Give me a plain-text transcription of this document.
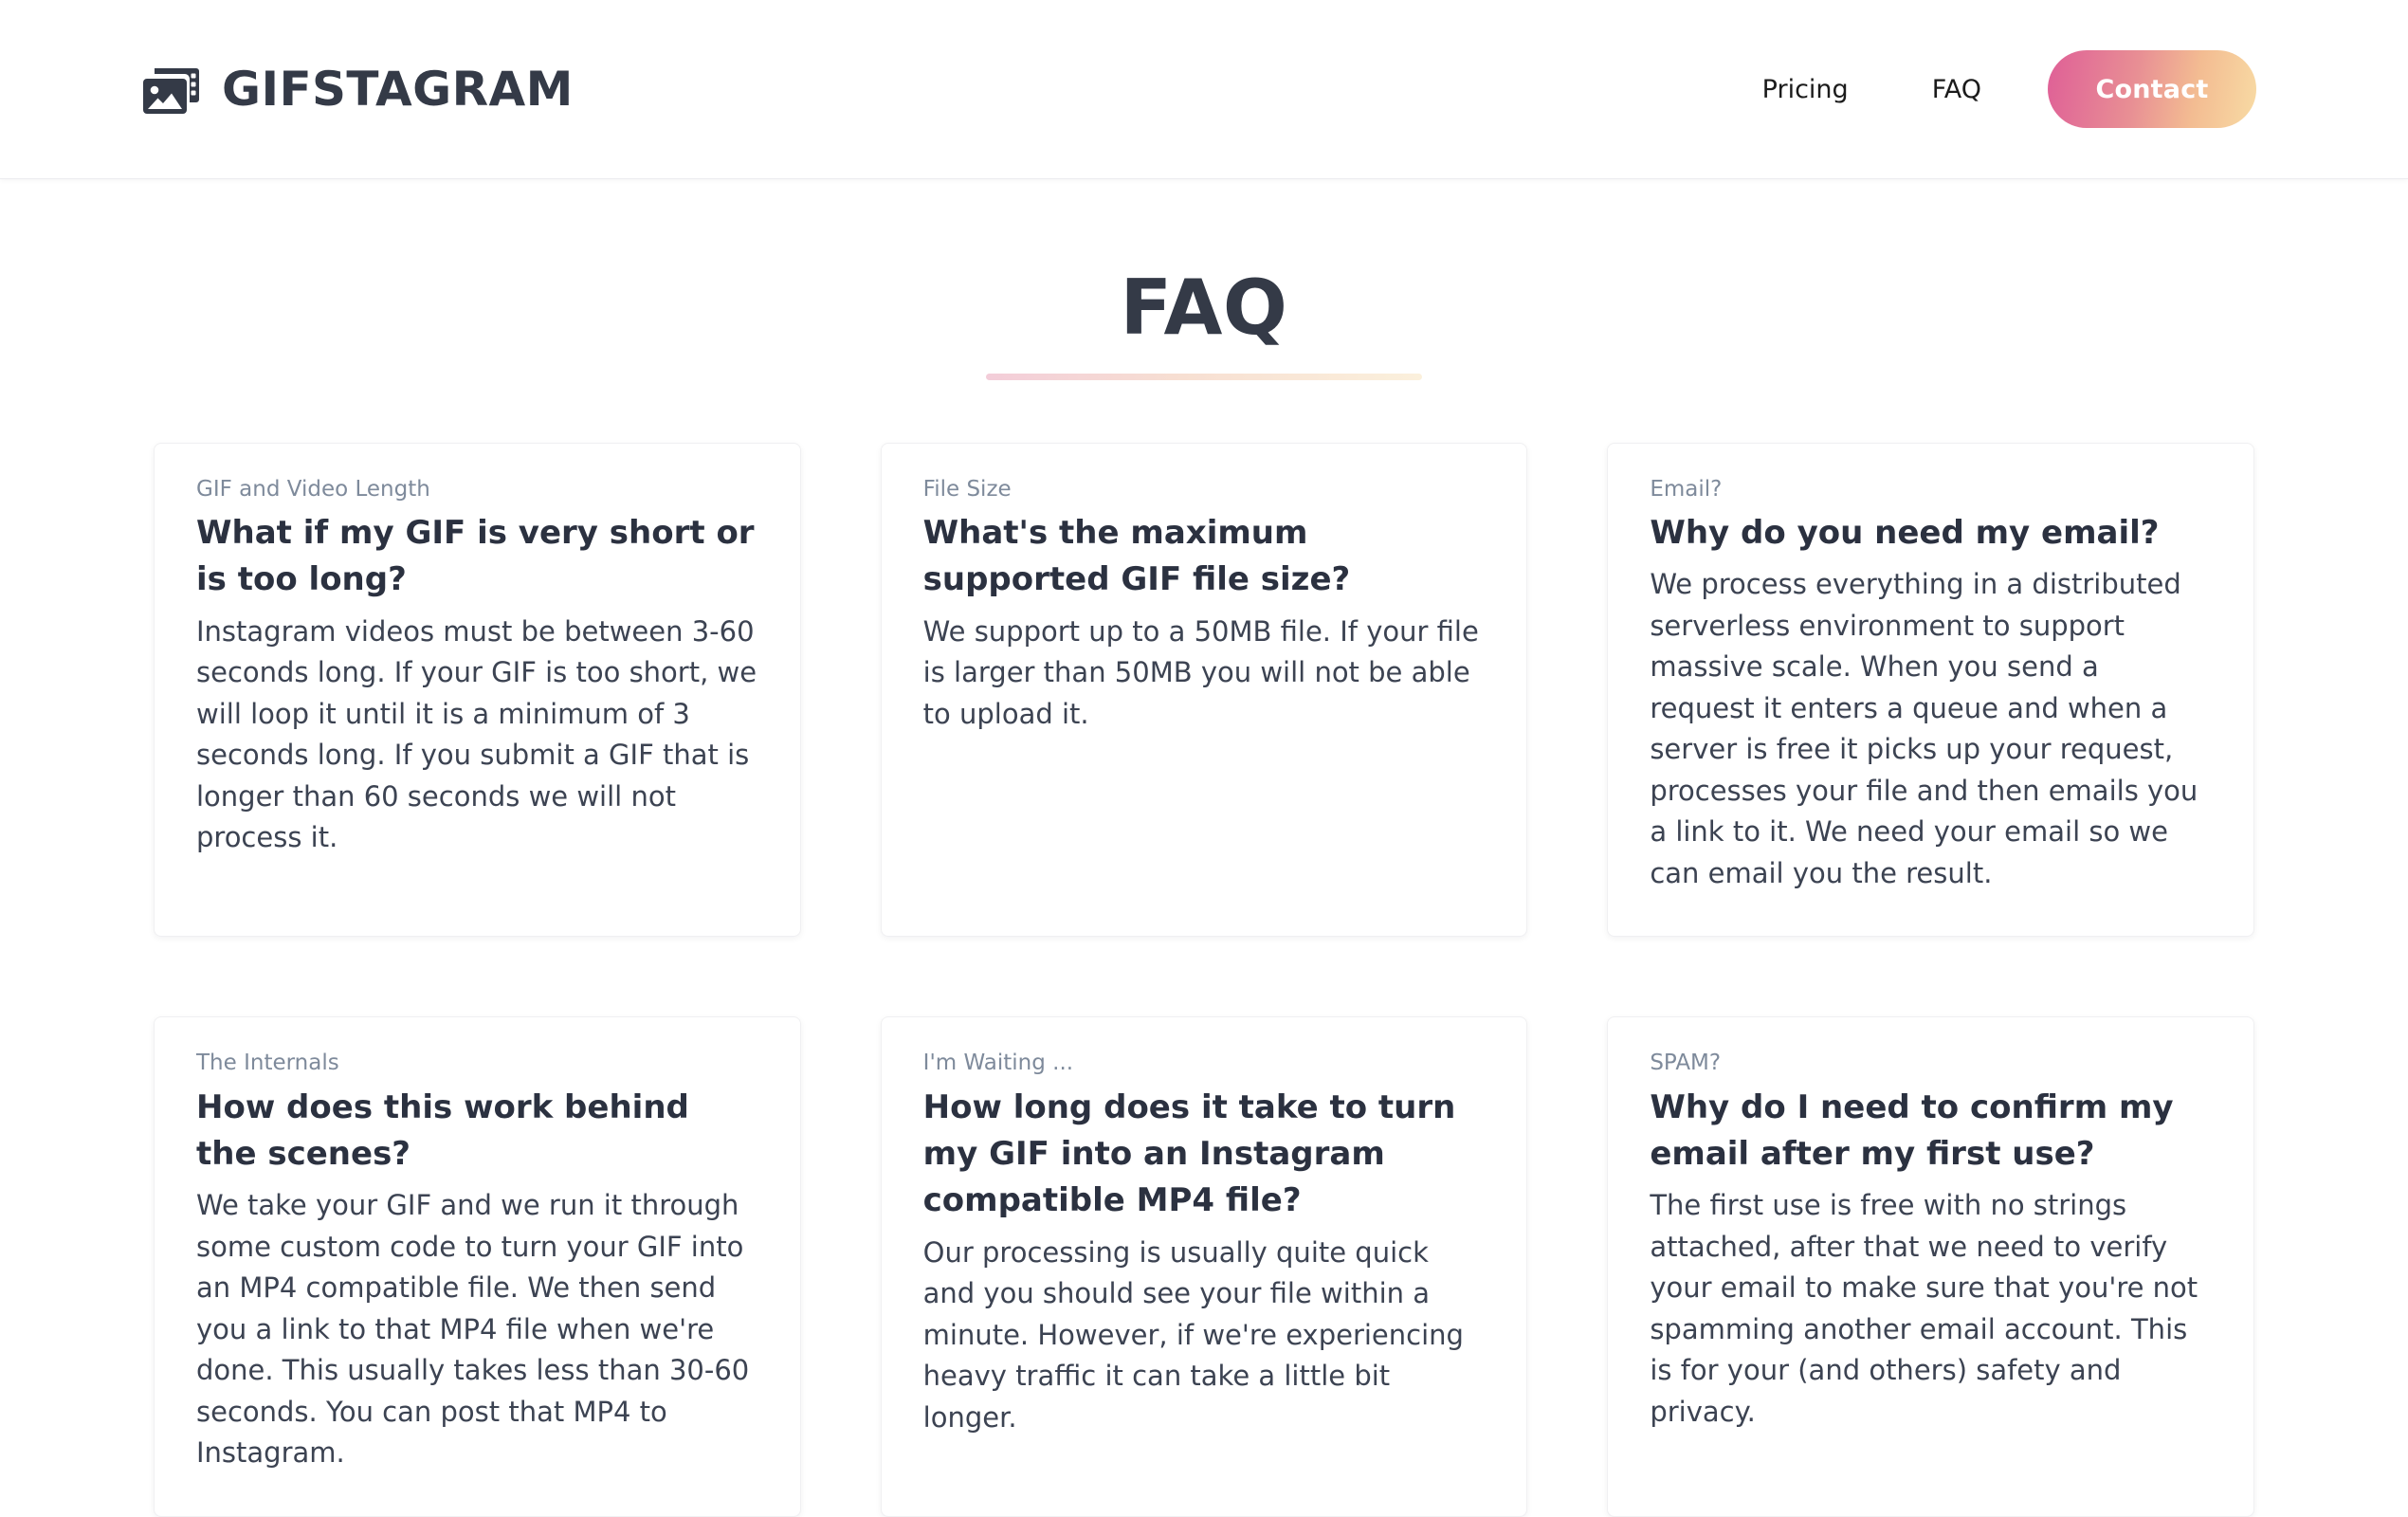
GIFSTAGRAM	Pricing	FAQ	Contact
FAQ
GIF and Video Length
What if my GIF is very short or is too long?

Instagram videos must be between 3-60 seconds long. If your GIF is too short, we will loop it until it is a minimum of 3 seconds long. If you submit a GIF that is longer than 60 seconds we will not process it.

File Size
What's the maximum supported GIF file size?

We support up to a 50MB file. If your file is larger than 50MB you will not be able to upload it.

Email?
Why do you need my email?

We process everything in a distributed serverless environment to support massive scale. When you send a request it enters a queue and when a server is free it picks up your request, processes your file and then emails you a link to it. We need your email so we can email you the result.

The Internals
How does this work behind the scenes?

We take your GIF and we run it through some custom code to turn your GIF into an MP4 compatible file. We then send you a link to that MP4 file when we're done. This usually takes less than 30-60 seconds. You can post that MP4 to Instagram.

I'm Waiting ...
How long does it take to turn my GIF into an Instagram compatible MP4 file?

Our processing is usually quite quick and you should see your file within a minute. However, if we're experiencing heavy traffic it can take a little bit longer.

SPAM?
Why do I need to confirm my email after my first use?

The first use is free with no strings attached, after that we need to verify your email to make sure that you're not spamming another email account. This is for your (and others) safety and privacy.
